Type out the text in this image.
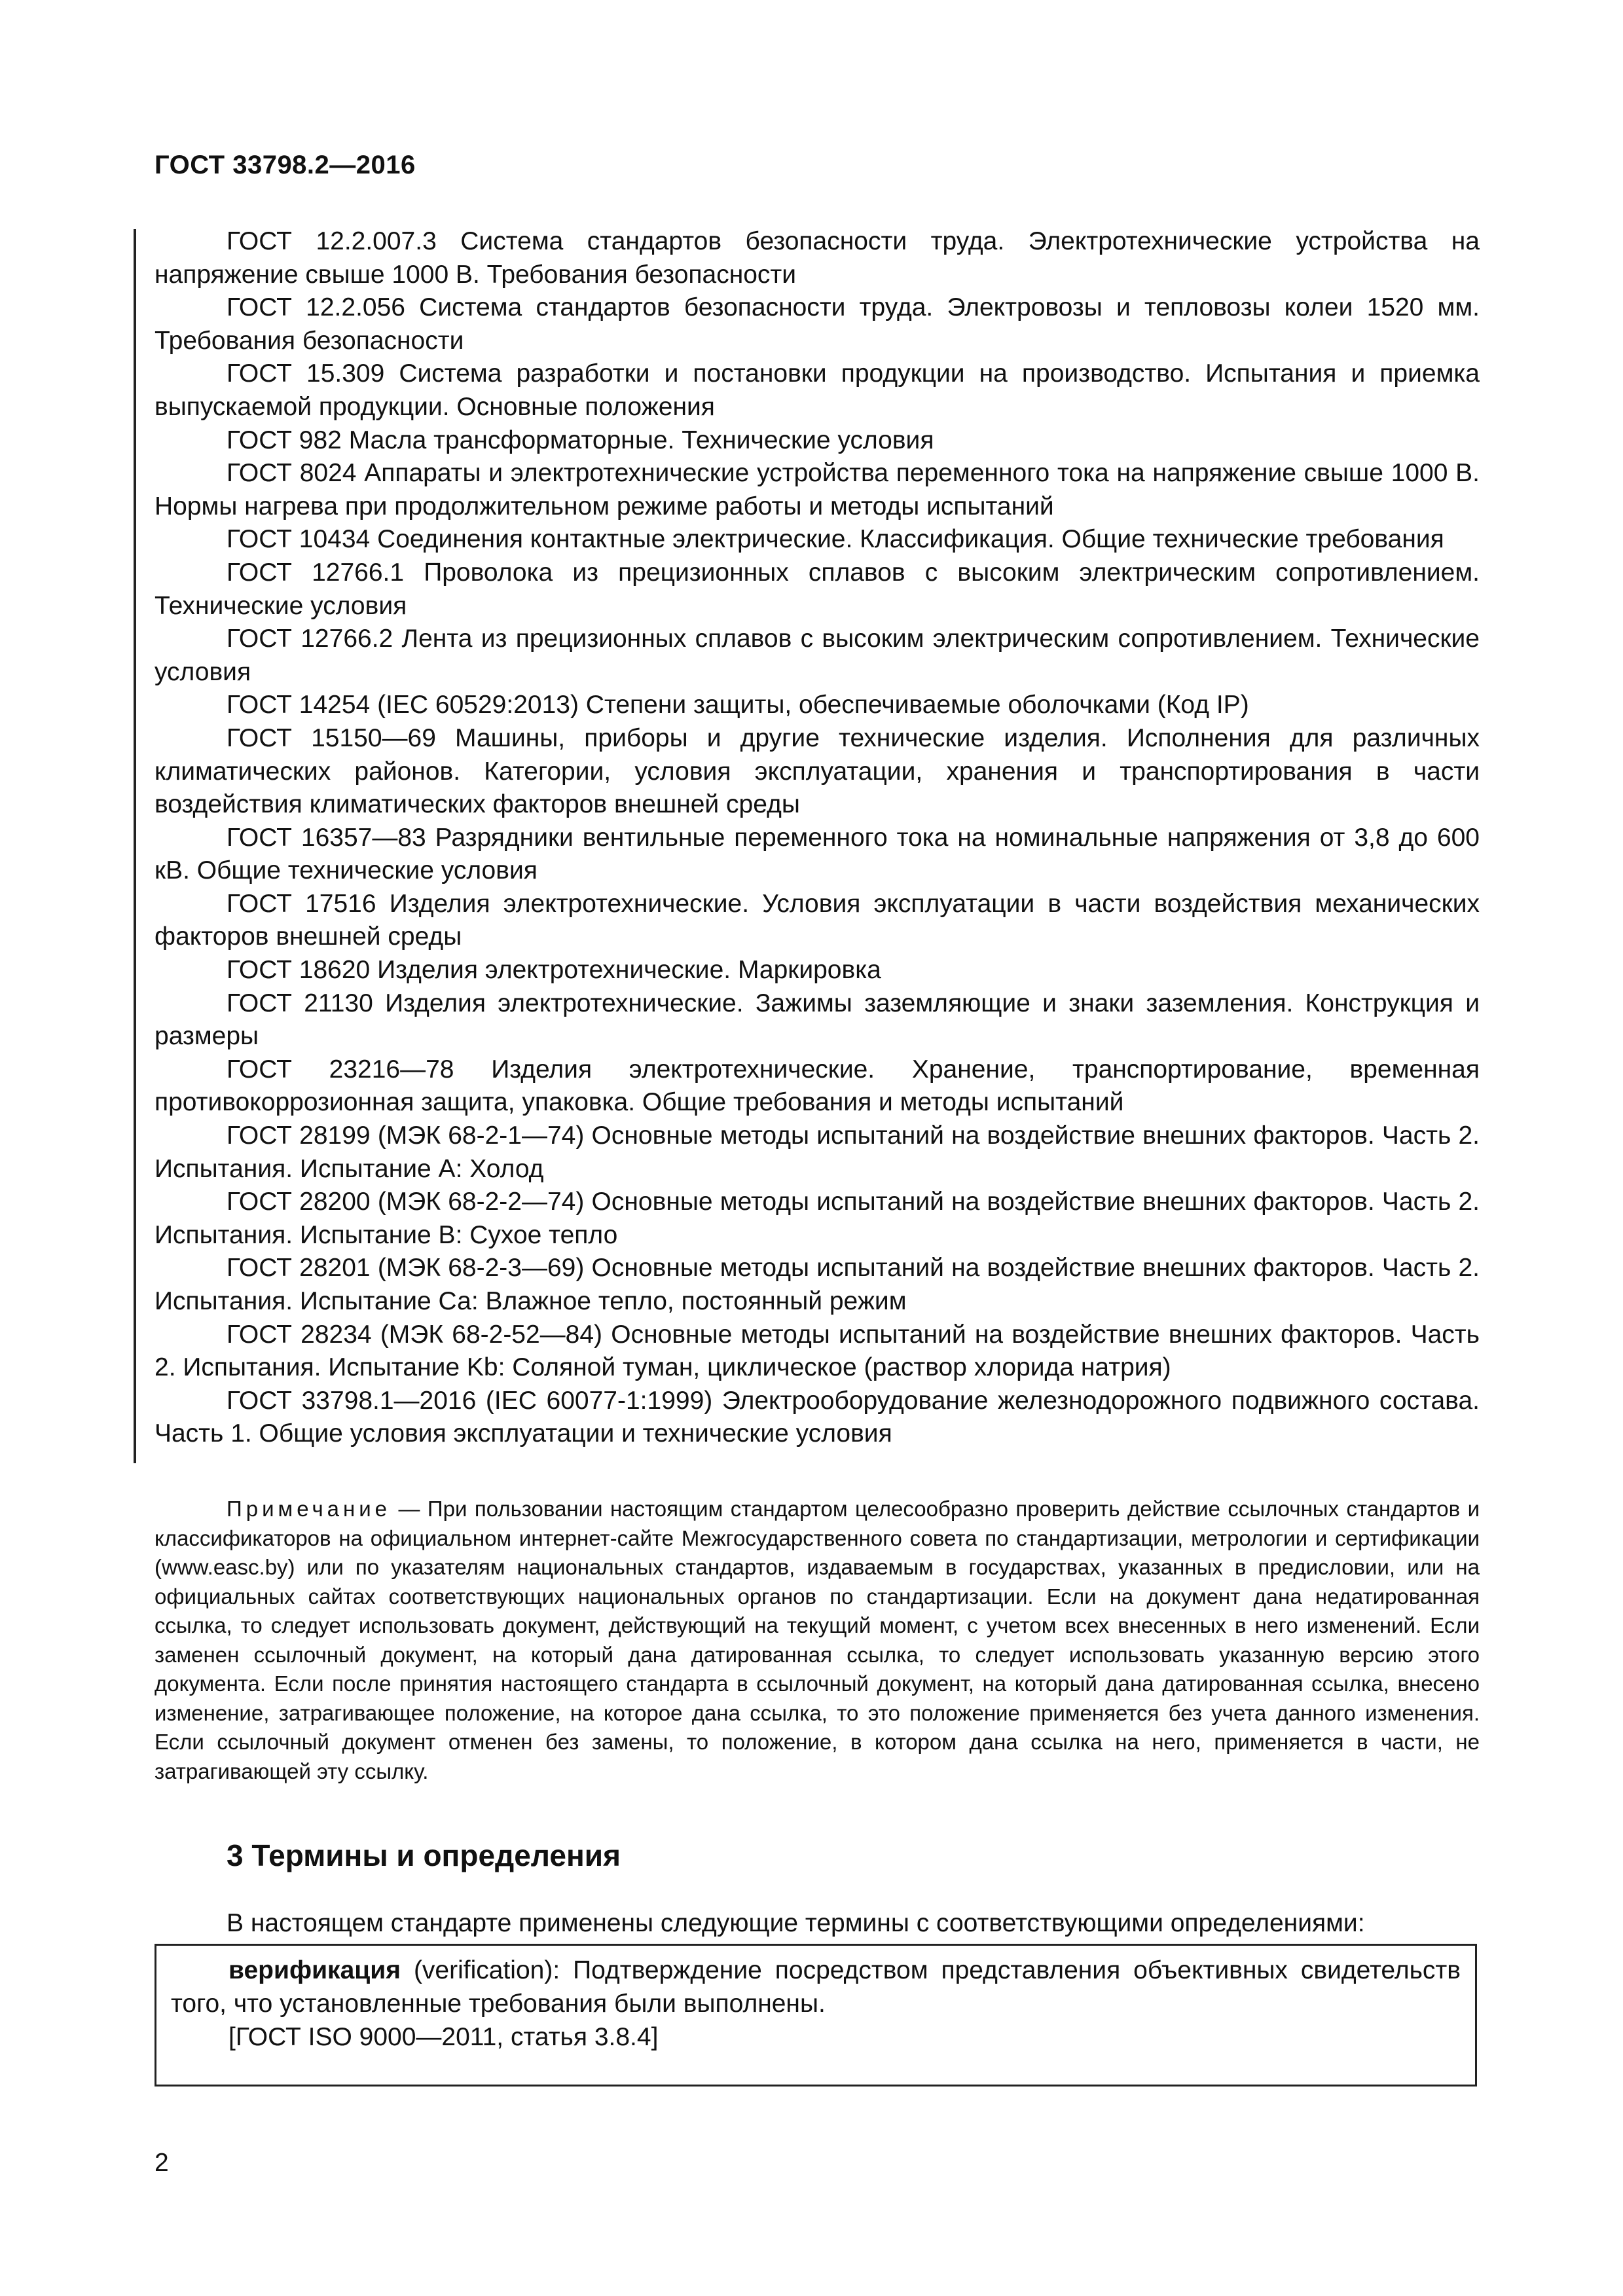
ГОСТ 33798.2—2016

ГОСТ 12.2.007.3 Система стандартов безопасности труда. Электротехнические устройства на напряжение свыше 1000 В. Требования безопасности

ГОСТ 12.2.056 Система стандартов безопасности труда. Электровозы и тепловозы колеи 1520 мм. Требования безопасности

ГОСТ 15.309 Система разработки и постановки продукции на производство. Испытания и приемка выпускаемой продукции. Основные положения

ГОСТ 982 Масла трансформаторные. Технические условия

ГОСТ 8024 Аппараты и электротехнические устройства переменного тока на напряжение свыше 1000 В. Нормы нагрева при продолжительном режиме работы и методы испытаний

ГОСТ 10434 Соединения контактные электрические. Классификация. Общие технические требования

ГОСТ 12766.1 Проволока из прецизионных сплавов с высоким электрическим сопротивлением. Технические условия

ГОСТ 12766.2 Лента из прецизионных сплавов с высоким электрическим сопротивлением. Технические условия

ГОСТ 14254 (IEC 60529:2013) Степени защиты, обеспечиваемые оболочками (Код IP)

ГОСТ 15150—69 Машины, приборы и другие технические изделия. Исполнения для различных климатических районов. Категории, условия эксплуатации, хранения и транспортирования в части воздействия климатических факторов внешней среды

ГОСТ 16357—83 Разрядники вентильные переменного тока на номинальные напряжения от 3,8 до 600 кВ. Общие технические условия

ГОСТ 17516 Изделия электротехнические. Условия эксплуатации в части воздействия механических факторов внешней среды

ГОСТ 18620 Изделия электротехнические. Маркировка

ГОСТ 21130 Изделия электротехнические. Зажимы заземляющие и знаки заземления. Конструкция и размеры

ГОСТ 23216—78 Изделия электротехнические. Хранение, транспортирование, временная противокоррозионная защита, упаковка. Общие требования и методы испытаний

ГОСТ 28199 (МЭК 68-2-1—74) Основные методы испытаний на воздействие внешних факторов. Часть 2. Испытания. Испытание А: Холод

ГОСТ 28200 (МЭК 68-2-2—74) Основные методы испытаний на воздействие внешних факторов. Часть 2. Испытания. Испытание В: Сухое тепло

ГОСТ 28201 (МЭК 68-2-3—69) Основные методы испытаний на воздействие внешних факторов. Часть 2. Испытания. Испытание Са: Влажное тепло, постоянный режим

ГОСТ 28234 (МЭК 68-2-52—84) Основные методы испытаний на воздействие внешних факторов. Часть 2. Испытания. Испытание Kb: Соляной туман, циклическое (раствор хлорида натрия)

ГОСТ 33798.1—2016 (IEC 60077-1:1999) Электрооборудование железнодорожного подвижного состава. Часть 1. Общие условия эксплуатации и технические условия

Примечание — При пользовании настоящим стандартом целесообразно проверить действие ссылочных стандартов и классификаторов на официальном интернет-сайте Межгосударственного совета по стандартизации, метрологии и сертификации (www.easc.by) или по указателям национальных стандартов, издаваемым в государствах, указанных в предисловии, или на официальных сайтах соответствующих национальных органов по стандартизации. Если на документ дана недатированная ссылка, то следует использовать документ, действующий на текущий момент, с учетом всех внесенных в него изменений. Если заменен ссылочный документ, на который дана датированная ссылка, то следует использовать указанную версию этого документа. Если после принятия настоящего стандарта в ссылочный документ, на который дана датированная ссылка, внесено изменение, затрагивающее положение, на которое дана ссылка, то это положение применяется без учета данного изменения. Если ссылочный документ отменен без замены, то положение, в котором дана ссылка на него, применяется в части, не затрагивающей эту ссылку.

3 Термины и определения

В настоящем стандарте применены следующие термины с соответствующими определениями:

верификация (verification): Подтверждение посредством представления объективных свидетельств того, что установленные требования были выполнены.

[ГОСТ ISO 9000—2011, статья 3.8.4]

2
